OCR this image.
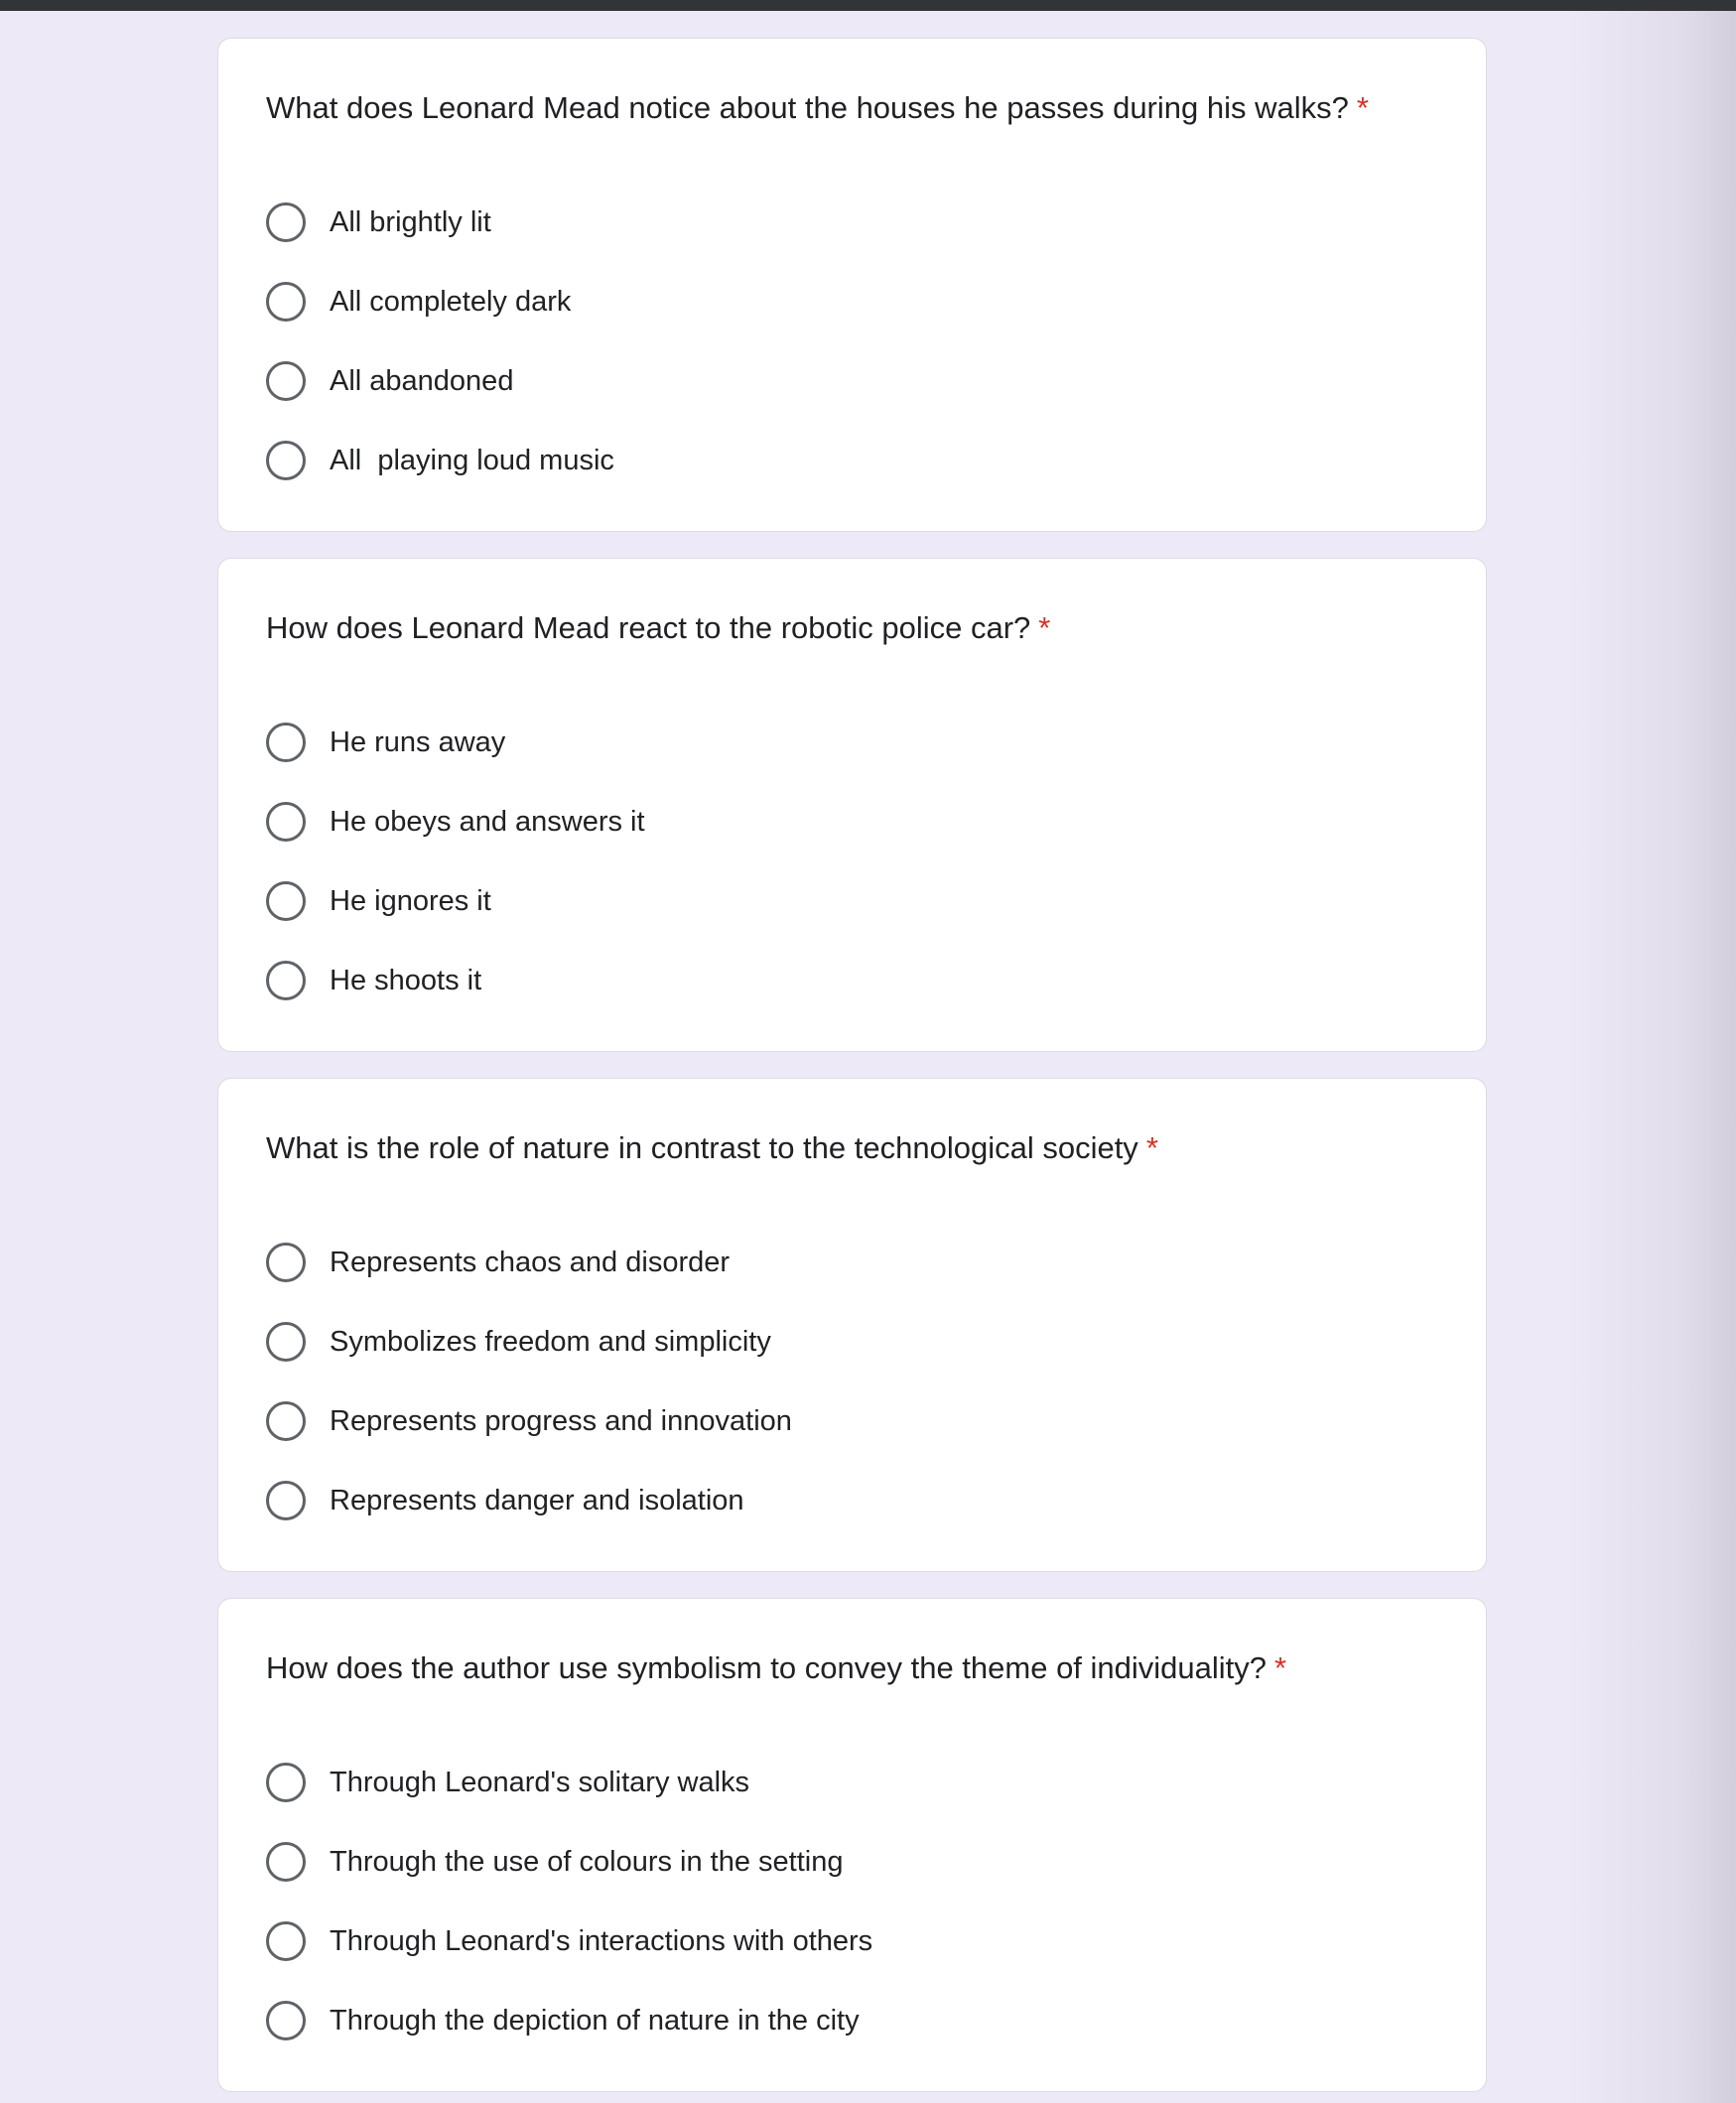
What does Leonard Mead notice about the houses he passes during his walks? *
All brightly lit
All completely dark
All abandoned
All  playing loud music
How does Leonard Mead react to the robotic police car? *
He runs away
He obeys and answers it
He ignores it
He shoots it
What is the role of nature in contrast to the technological society *
Represents chaos and disorder
Symbolizes freedom and simplicity
Represents progress and innovation
Represents danger and isolation
How does the author use symbolism to convey the theme of individuality? *
Through Leonard's solitary walks
Through the use of colours in the setting
Through Leonard's interactions with others
Through the depiction of nature in the city
